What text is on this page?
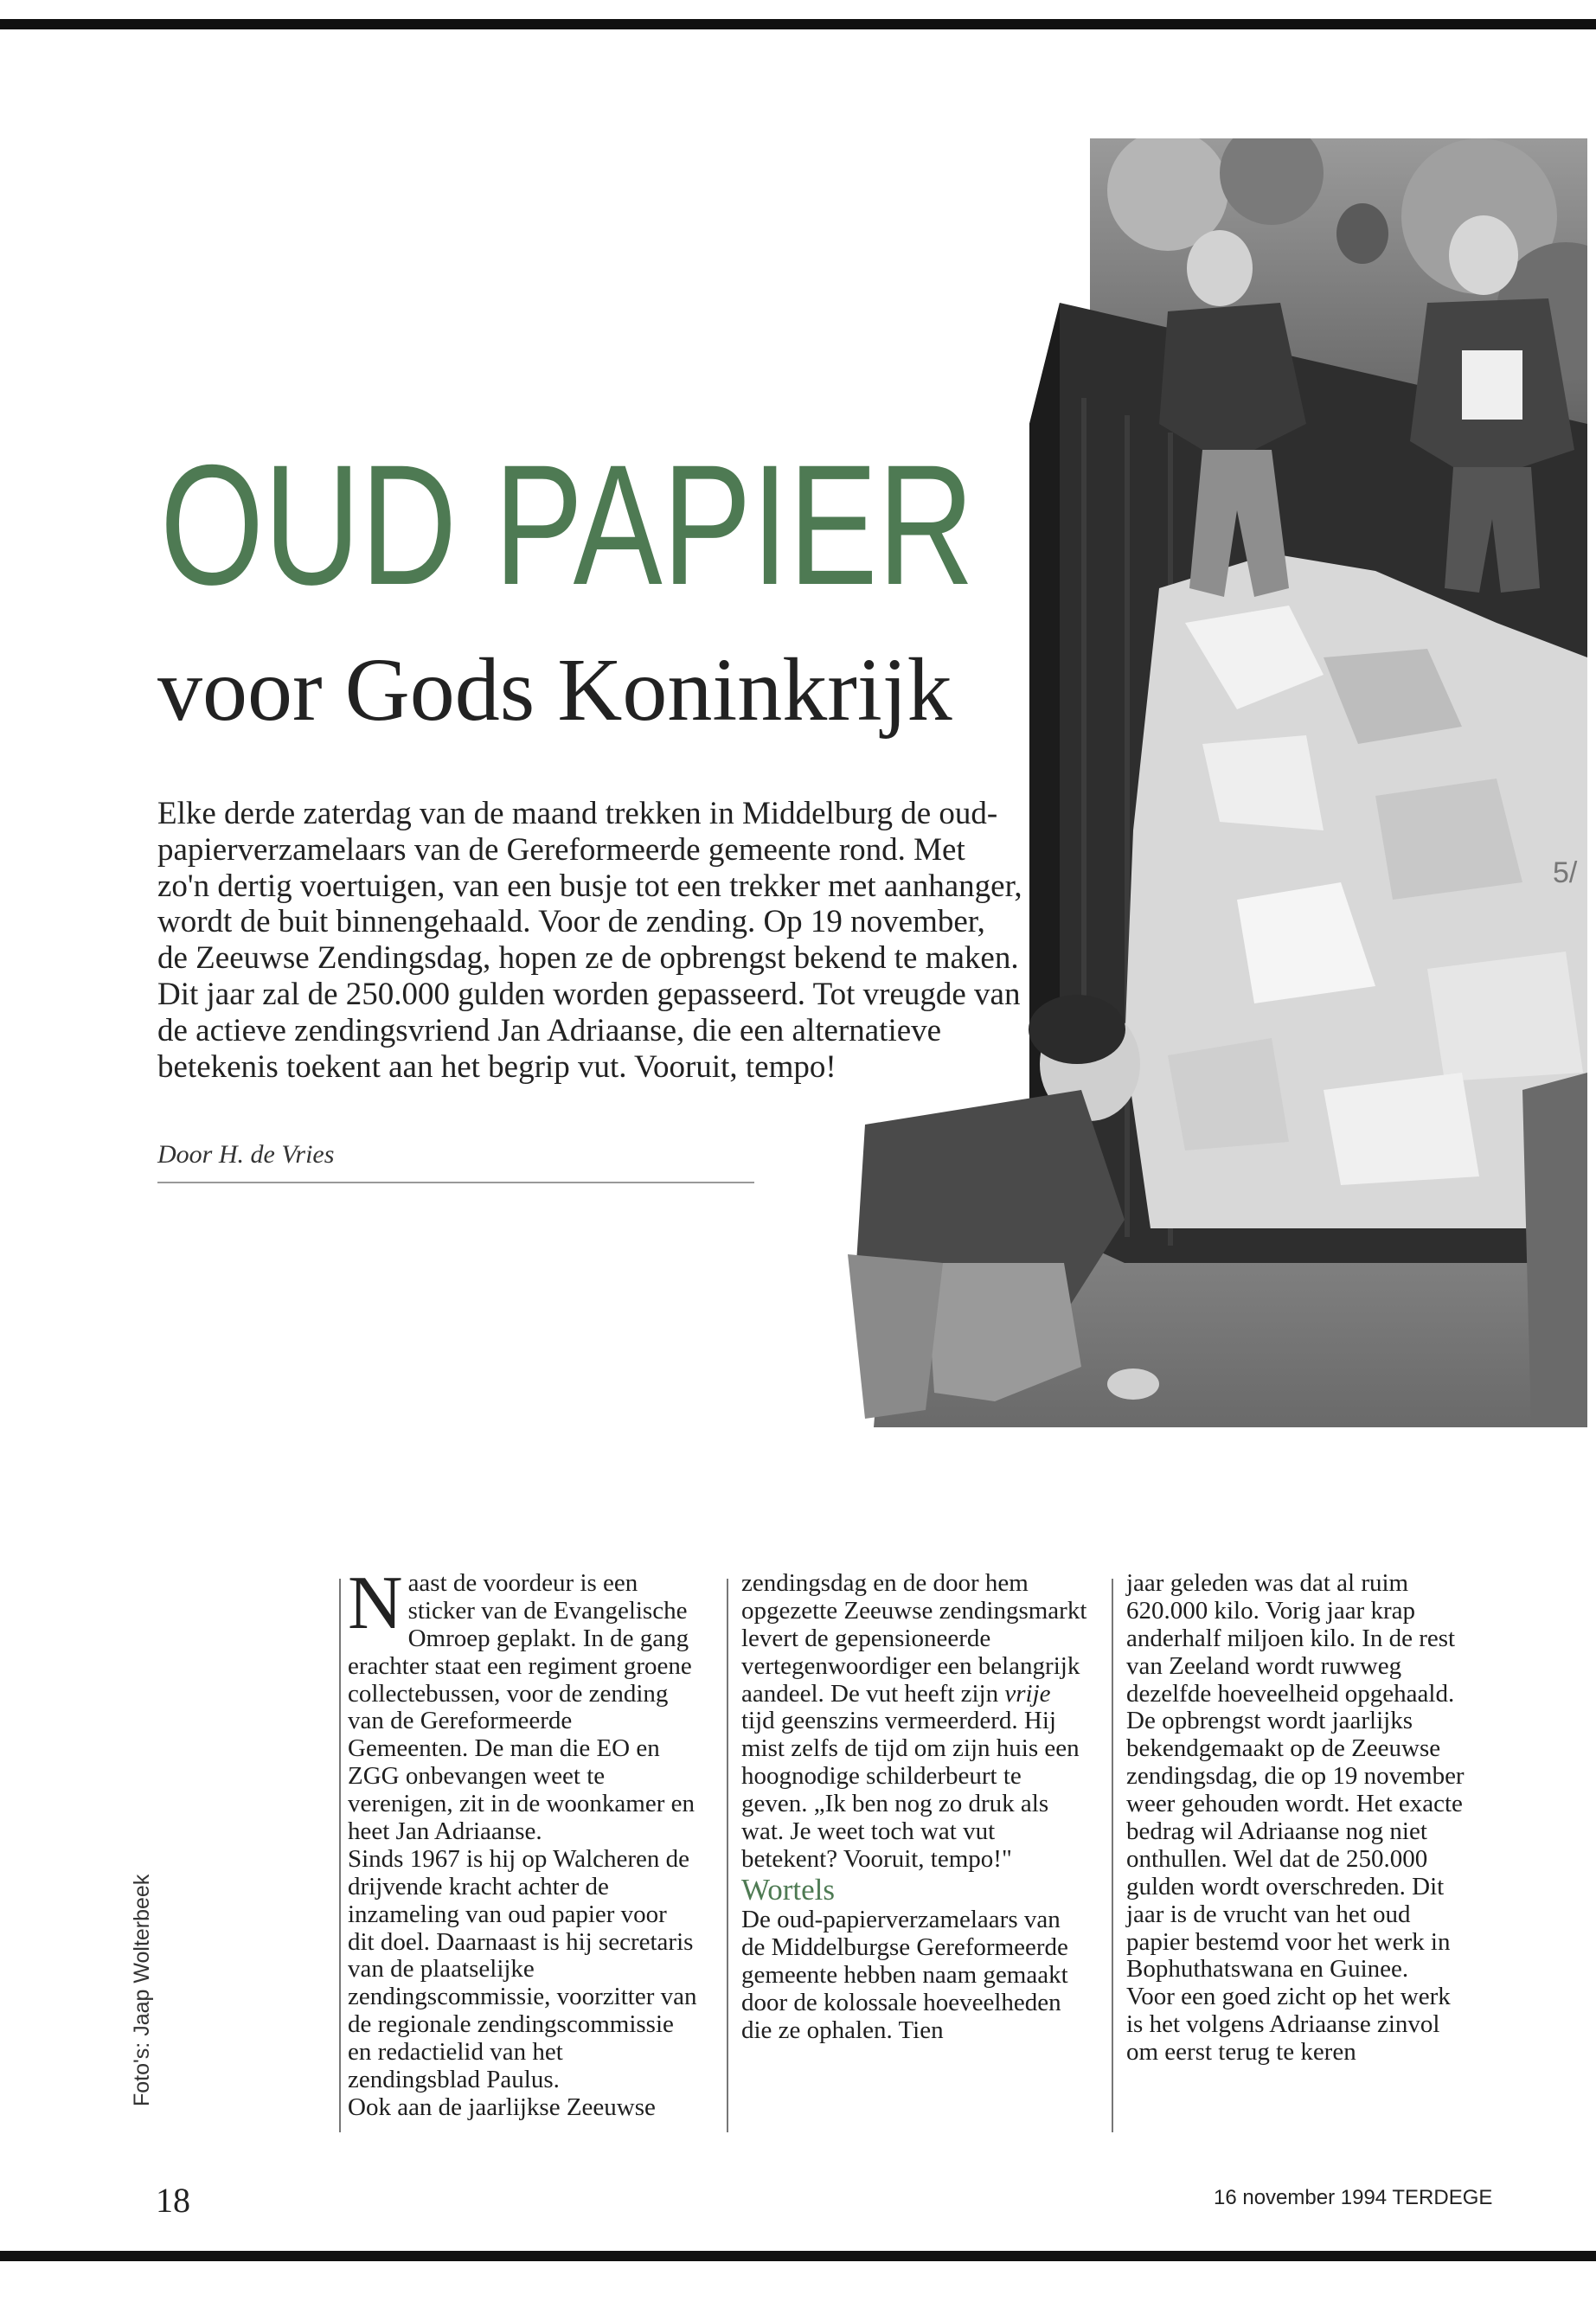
5/
OUD PAPIER
voor Gods Koninkrijk

Elke derde zaterdag van de maand trekken in Middelburg de oud-papierverzamelaars van de Gereformeerde gemeente rond. Met zo'n dertig voertuigen, van een busje tot een trekker met aanhanger, wordt de buit binnengehaald. Voor de zending. Op 19 november, de Zeeuwse Zendingsdag, hopen ze de opbrengst bekend te maken. Dit jaar zal de 250.000 gulden worden gepasseerd. Tot vreugde van de actieve zendingsvriend Jan Adriaanse, die een alternatieve betekenis toekent aan het begrip vut. Vooruit, tempo!

Door H. de Vries

Naast de voordeur is een sticker van de Evangelische Omroep geplakt. In de gang erachter staat een regiment groene collectebussen, voor de zending van de Gereformeerde Gemeenten. De man die EO en ZGG onbevangen weet te verenigen, zit in de woonkamer en heet Jan Adriaanse.

Sinds 1967 is hij op Walcheren de drijvende kracht achter de inzameling van oud papier voor dit doel. Daarnaast is hij secretaris van de plaatselijke zendingscommissie, voorzitter van de regionale zendingscommissie en redactielid van het zendingsblad Paulus.

Ook aan de jaarlijkse Zeeuwse

zendingsdag en de door hem opgezette Zeeuwse zendingsmarkt levert de gepensioneerde vertegenwoordiger een belangrijk aandeel. De vut heeft zijn vrije tijd geenszins vermeerderd. Hij mist zelfs de tijd om zijn huis een hoognodige schilderbeurt te geven. „Ik ben nog zo druk als wat. Je weet toch wat vut betekent? Vooruit, tempo!"

Wortels

De oud-papierverzamelaars van de Middelburgse Gereformeerde gemeente hebben naam gemaakt door de kolossale hoeveelheden die ze ophalen. Tien

jaar geleden was dat al ruim 620.000 kilo. Vorig jaar krap anderhalf miljoen kilo. In de rest van Zeeland wordt ruwweg dezelfde hoeveelheid opgehaald.

De opbrengst wordt jaarlijks bekendgemaakt op de Zeeuwse zendingsdag, die op 19 november weer gehouden wordt. Het exacte bedrag wil Adriaanse nog niet onthullen. Wel dat de 250.000 gulden wordt overschreden. Dit jaar is de vrucht van het oud papier bestemd voor het werk in Bophuthatswana en Guinee.

Voor een goed zicht op het werk is het volgens Adriaanse zinvol om eerst terug te keren

Foto's: Jaap Wolterbeek

18	16 november 1994 TERDEGE
